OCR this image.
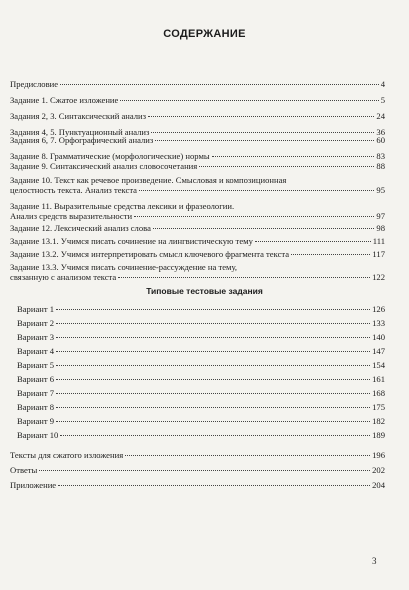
СОДЕРЖАНИЕ
Предисловие	4
Задание 1. Сжатое изложение	5
Задания 2, 3. Синтаксический анализ	24
Задания 4, 5. Пунктуационный анализ	36
Задания 6, 7. Орфографический анализ	60
Задание 8. Грамматические (морфологические) нормы	83
Задание 9. Синтаксический анализ словосочетания	88
Задание 10. Текст как речевое произведение. Смысловая и композиционная
целостность текста. Анализ текста	95
Задание 11. Выразительные средства лексики и фразеологии.
Анализ средств выразительности	97
Задание 12. Лексический анализ слова	98
Задание 13.1. Учимся писать сочинение на лингвистическую тему	111
Задание 13.2. Учимся интерпретировать смысл ключевого фрагмента текста	117
Задание 13.3. Учимся писать сочинение-рассуждение на тему,
связанную с анализом текста	122
Типовые тестовые задания
Вариант 1	126
Вариант 2	133
Вариант 3	140
Вариант 4	147
Вариант 5	154
Вариант 6	161
Вариант 7	168
Вариант 8	175
Вариант 9	182
Вариант 10	189
Тексты для сжатого изложения	196
Ответы	202
Приложение	204
3
